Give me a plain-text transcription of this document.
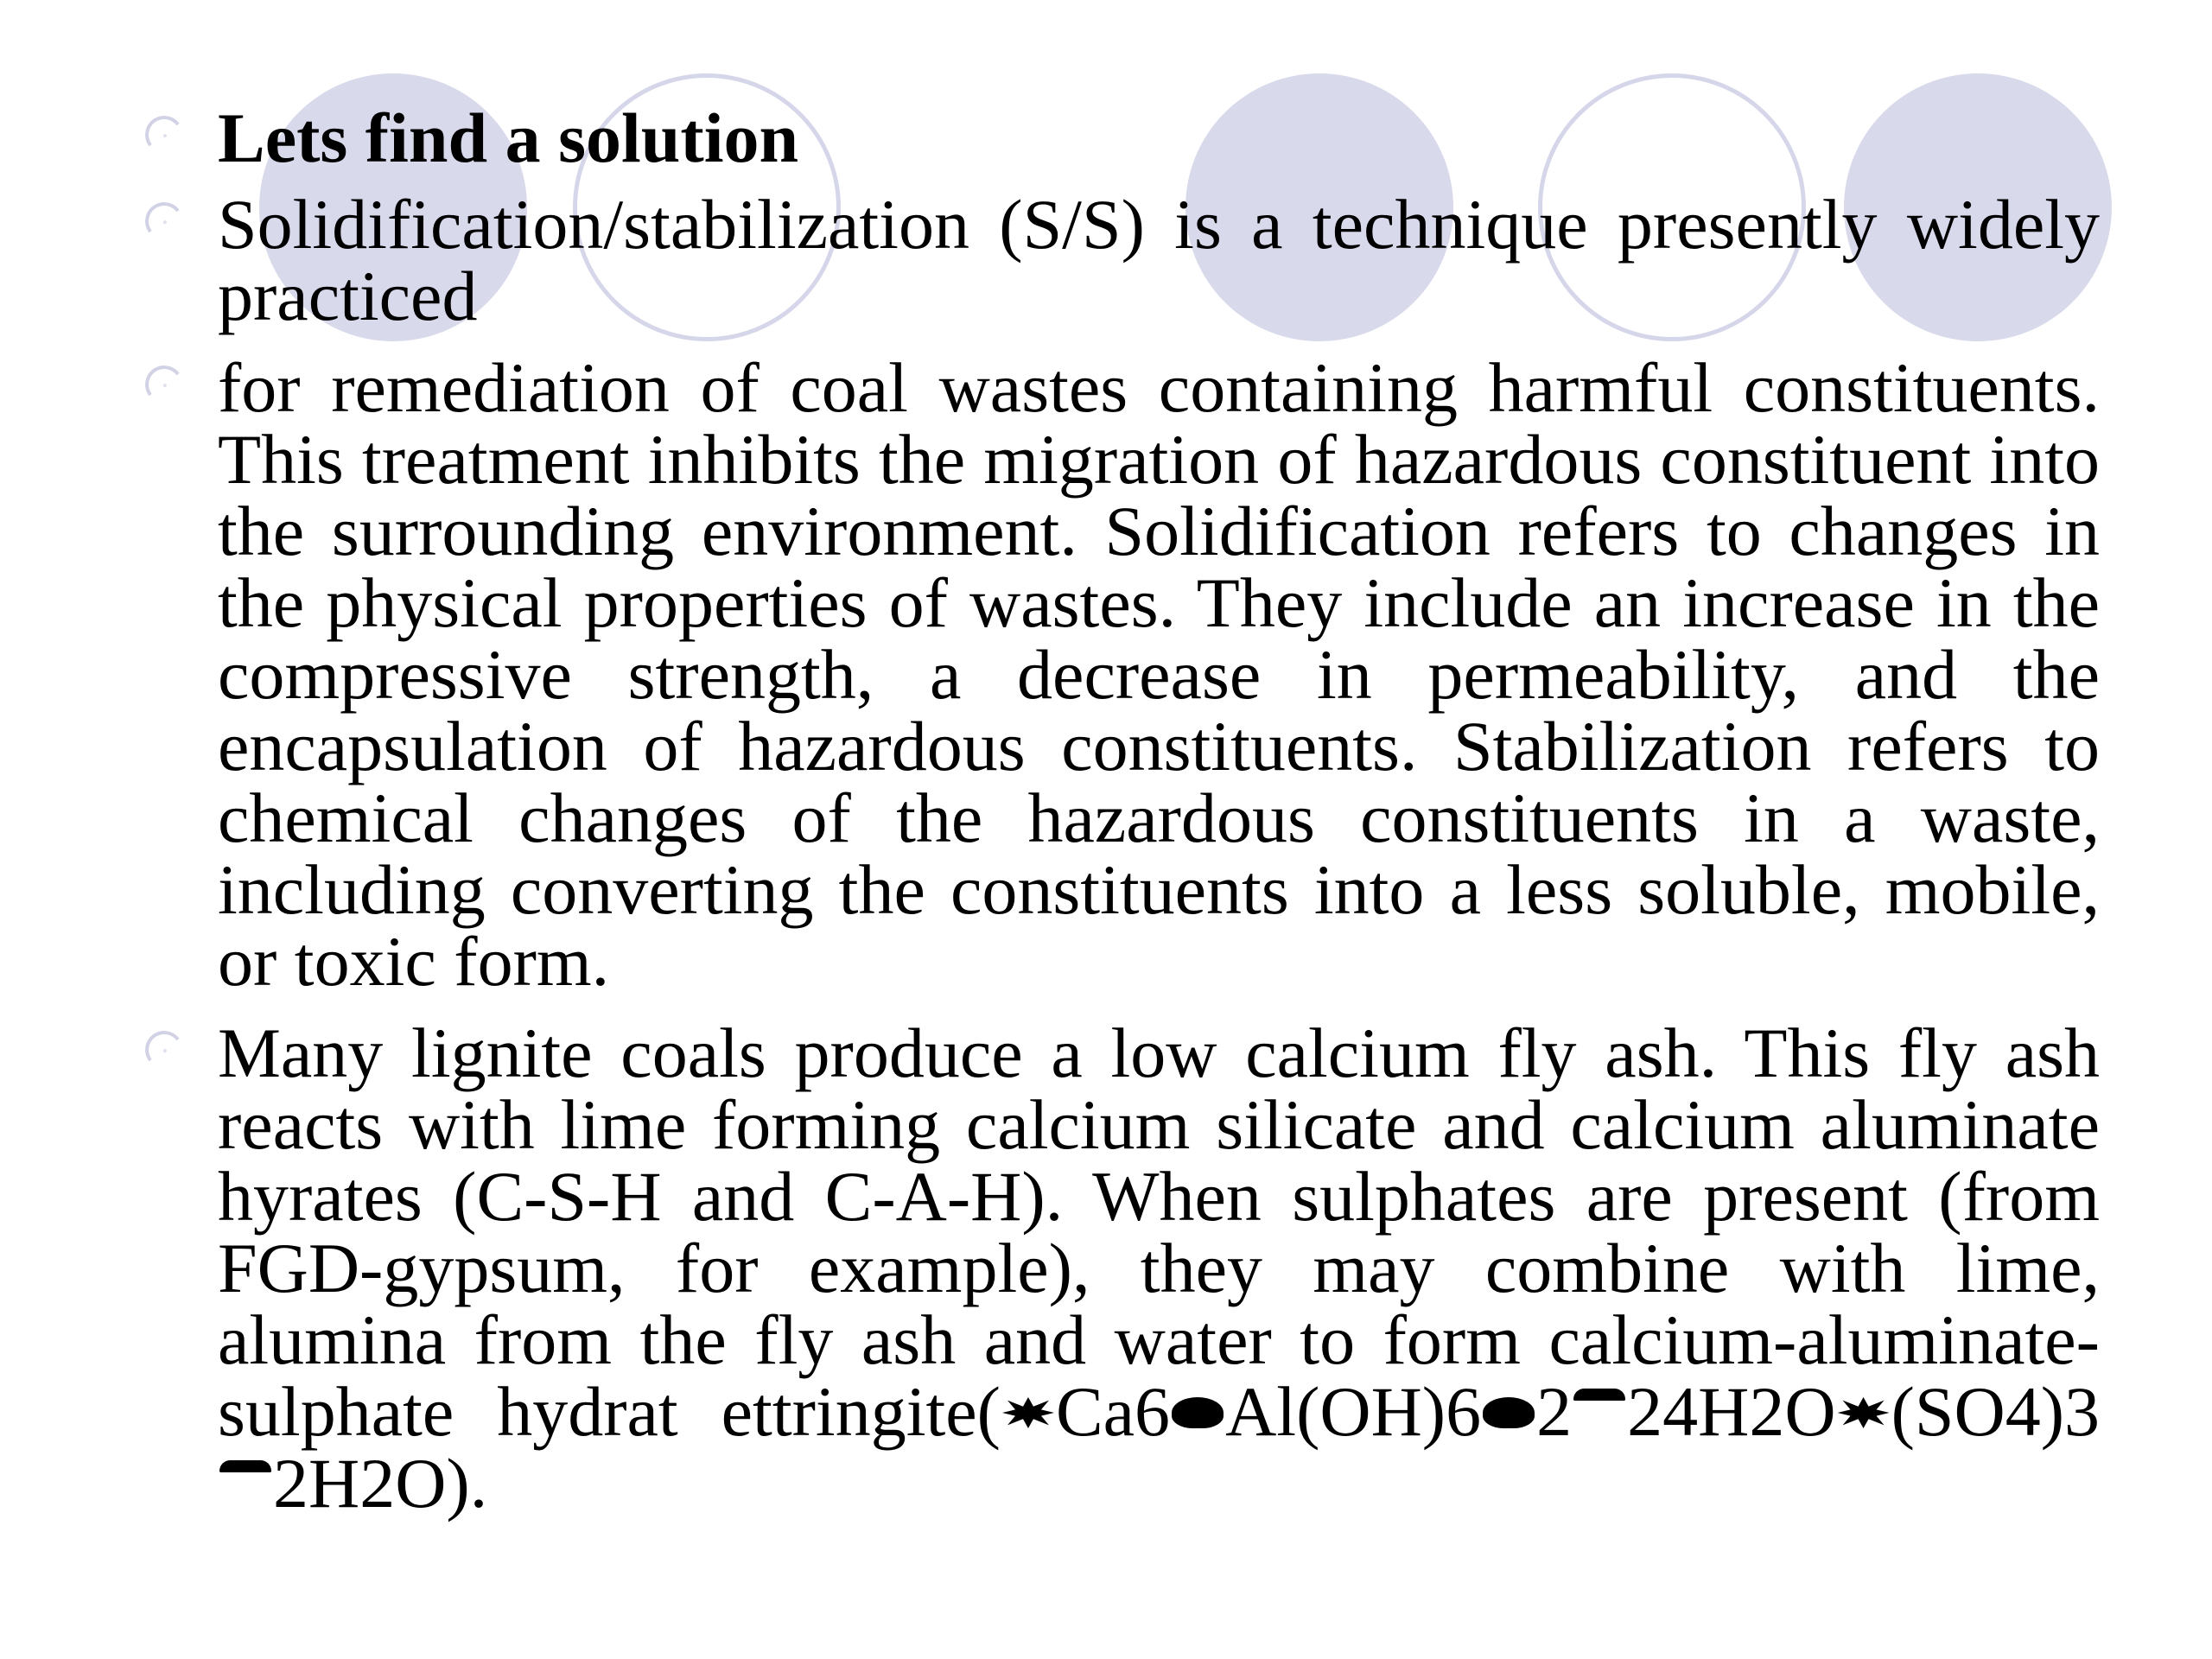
Lets find a solution
Solidification/stabilization (S/S) is a technique presently widely practiced
for remediation of coal wastes containing harmful constituents. This treatment inhibits the migration of hazardous constituent into the surrounding environment. Solidification refers to changes in the physical properties of wastes. They include an increase in the compressive strength, a decrease in permeability, and the encapsulation of hazardous constituents. Stabilization refers to chemical changes of the hazardous constituents in a waste, including converting the constituents into a less soluble, mobile, or toxic form.
Many lignite coals produce a low calcium fly ash. This fly ash reacts with lime forming calcium silicate and calcium aluminate hyrates (C-S-H and C-A-H). When sulphates are present (from FGD-gypsum, for example), they may combine with lime, alumina from the fly ash and water to form calcium-aluminate-sulphate hydrat ettringite( Ca6 Al(OH)6 2 24H2O (SO4)32H2O).
